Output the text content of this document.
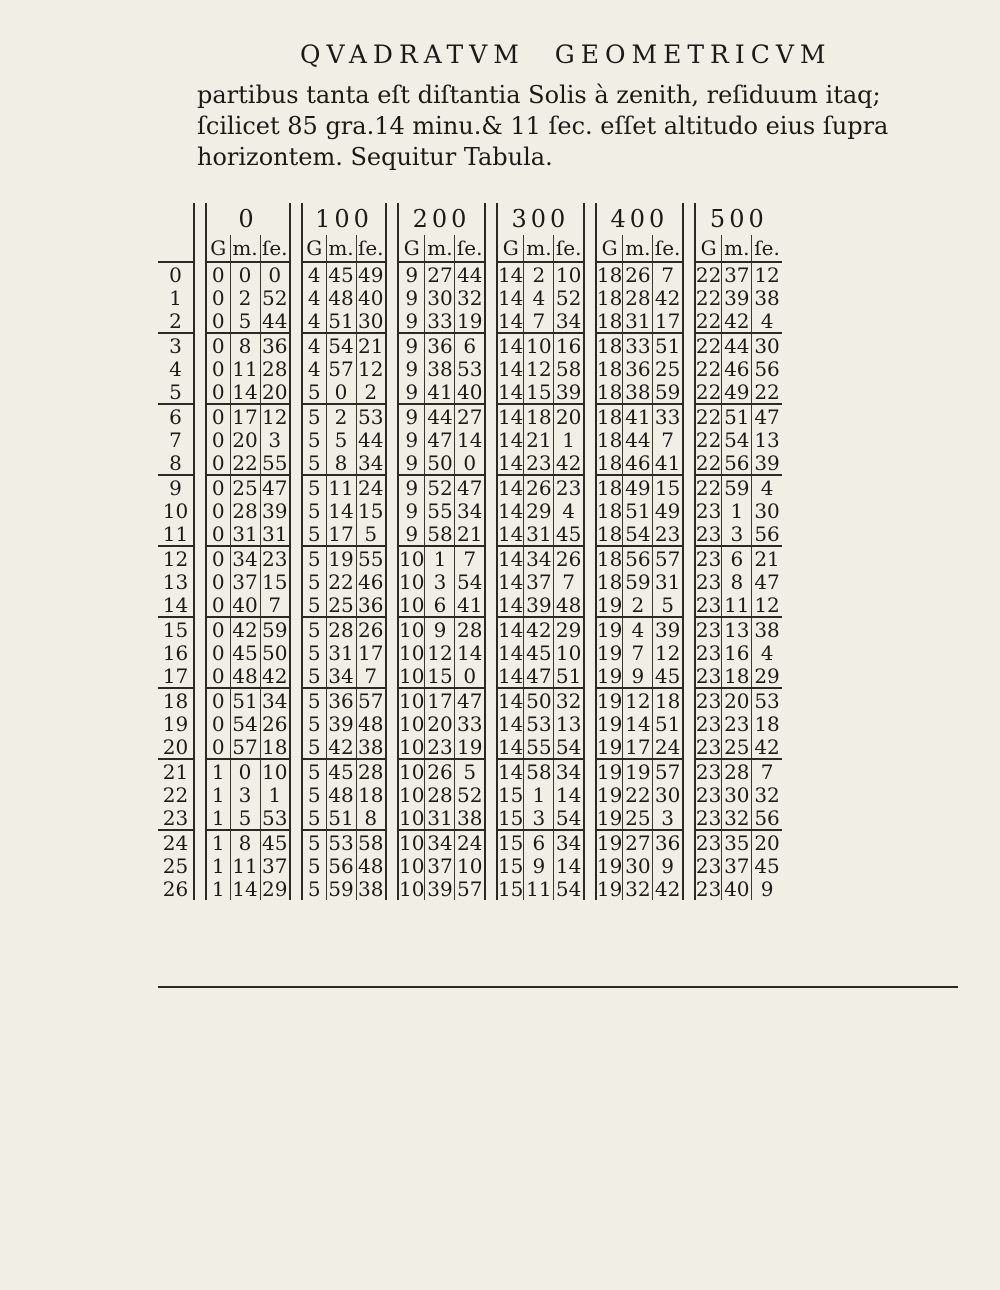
QVADRATVM GEOMETRICVM
partibus tanta eſt diſtantia Solis à zenith, reſiduum itaq;
ſcilicet 85 gra.14 minu.& 11 ſec. eſſet altitudo eius ſupra
horizontem. Sequitur Tabula.
		0				100				200				300				400				500		
		G	m.	ſe.		G	m.	ſe.		G	m.	ſe.		G	m.	ſe.		G	m.	ſe.		G	m.	ſe.
0		0	0	0		4	45	49		9	27	44		14	2	10		18	26	7		22	37	12
1		0	2	52		4	48	40		9	30	32		14	4	52		18	28	42		22	39	38
2		0	5	44		4	51	30		9	33	19		14	7	34		18	31	17		22	42	4
3		0	8	36		4	54	21		9	36	6		14	10	16		18	33	51		22	44	30
4		0	11	28		4	57	12		9	38	53		14	12	58		18	36	25		22	46	56
5		0	14	20		5	0	2		9	41	40		14	15	39		18	38	59		22	49	22
6		0	17	12		5	2	53		9	44	27		14	18	20		18	41	33		22	51	47
7		0	20	3		5	5	44		9	47	14		14	21	1		18	44	7		22	54	13
8		0	22	55		5	8	34		9	50	0		14	23	42		18	46	41		22	56	39
9		0	25	47		5	11	24		9	52	47		14	26	23		18	49	15		22	59	4
10		0	28	39		5	14	15		9	55	34		14	29	4		18	51	49		23	1	30
11		0	31	31		5	17	5		9	58	21		14	31	45		18	54	23		23	3	56
12		0	34	23		5	19	55		10	1	7		14	34	26		18	56	57		23	6	21
13		0	37	15		5	22	46		10	3	54		14	37	7		18	59	31		23	8	47
14		0	40	7		5	25	36		10	6	41		14	39	48		19	2	5		23	11	12
15		0	42	59		5	28	26		10	9	28		14	42	29		19	4	39		23	13	38
16		0	45	50		5	31	17		10	12	14		14	45	10		19	7	12		23	16	4
17		0	48	42		5	34	7		10	15	0		14	47	51		19	9	45		23	18	29
18		0	51	34		5	36	57		10	17	47		14	50	32		19	12	18		23	20	53
19		0	54	26		5	39	48		10	20	33		14	53	13		19	14	51		23	23	18
20		0	57	18		5	42	38		10	23	19		14	55	54		19	17	24		23	25	42
21		1	0	10		5	45	28		10	26	5		14	58	34		19	19	57		23	28	7
22		1	3	1		5	48	18		10	28	52		15	1	14		19	22	30		23	30	32
23		1	5	53		5	51	8		10	31	38		15	3	54		19	25	3		23	32	56
24		1	8	45		5	53	58		10	34	24		15	6	34		19	27	36		23	35	20
25		1	11	37		5	56	48		10	37	10		15	9	14		19	30	9		23	37	45
26		1	14	29		5	59	38		10	39	57		15	11	54		19	32	42		23	40	9
